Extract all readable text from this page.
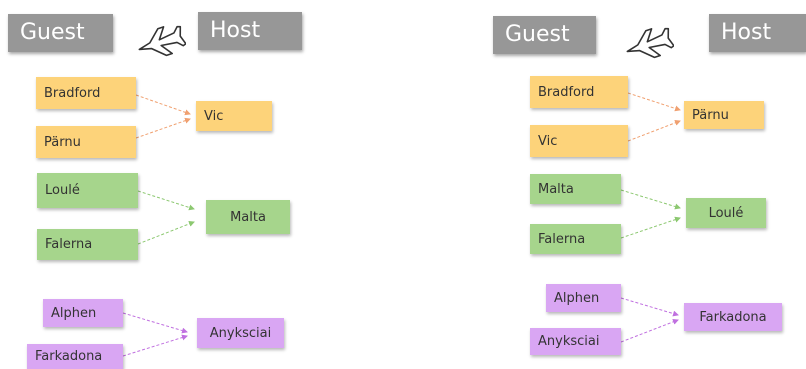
Guest	Host
Bradford
Pärnu
Vic
Loulé
Falerna
Malta
Alphen
Farkadona
Anyksciai
Guest	Host
Bradford
Vic
Pärnu
Malta
Falerna
Loulé
Alphen
Anyksciai
Farkadona
